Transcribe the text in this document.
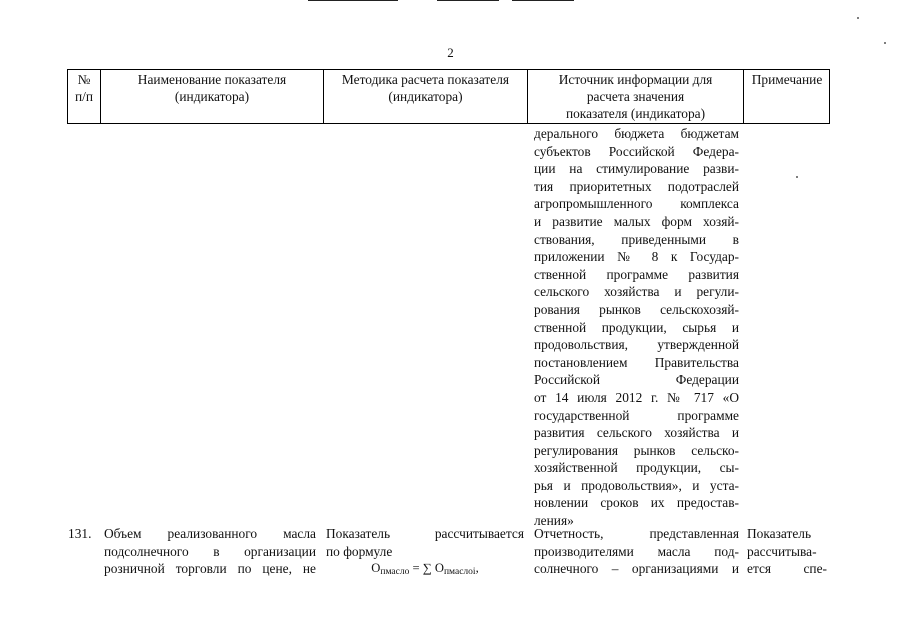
2
№
п/п
Наименование показателя
(индикатора)
Методика расчета показателя
(индикатора)
Источник информации для
расчета значения
показателя (индикатора)
Примечание
дерального бюджета бюджетам
субъектов Российской Федера-
ции на стимулирование разви-
тия приоритетных подотраслей
агропромышленного комплекса
и развитие малых форм хозяй-
ствования, приведенными в
приложении № 8 к Государ-
ственной программе развития
сельского хозяйства и регули-
рования рынков сельскохозяй-
ственной продукции, сырья и
продовольствия, утвержденной
постановлением Правительства
Российской Федерации
от 14 июля 2012 г. № 717 «О
государственной программе
развития сельского хозяйства и
регулирования рынков сельско-
хозяйственной продукции, сы-
рья и продовольствия», и уста-
новлении сроков их предостав-
ления»
131. Объем реализованного масла
подсолнечного в организации
розничной торговли по цене, не
Показатель рассчитывается
по формуле
$О_{пмасло}$ = ∑ $О_{пмаслоі}$,
Отчетность, представленная
производителями масла под-
солнечного – организациями и
Показатель
рассчитыва-
ется спе-
